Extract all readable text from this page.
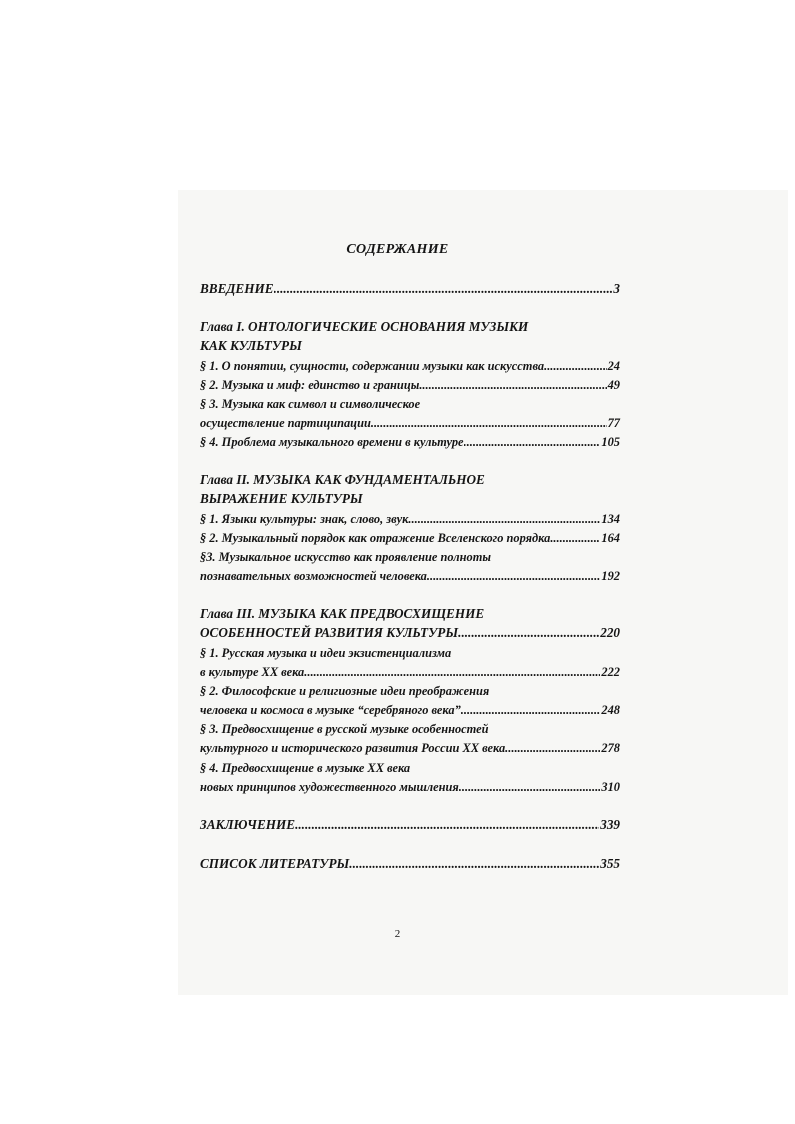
СОДЕРЖАНИЕ
ВВЕДЕНИЕ .....	3
Глава I. ОНТОЛОГИЧЕСКИЕ ОСНОВАНИЯ МУЗЫКИ
КАК КУЛЬТУРЫ
§ 1. О понятии, сущности, содержании музыки как искусства .....	24
§ 2. Музыка и миф: единство и границы .....	49
§ 3. Музыка как символ и символическое
осуществление партиципации .....	77
§ 4. Проблема музыкального времени в культуре .....	105
Глава II. МУЗЫКА КАК ФУНДАМЕНТАЛЬНОЕ
ВЫРАЖЕНИЕ КУЛЬТУРЫ
§ 1. Языки культуры: знак, слово, звук .....	134
§ 2. Музыкальный порядок как отражение Вселенского порядка .....	164
§3. Музыкальное искусство как проявление полноты
познавательных возможностей человека .....	192
Глава III. МУЗЫКА КАК ПРЕДВОСХИЩЕНИЕ
ОСОБЕННОСТЕЙ РАЗВИТИЯ КУЛЬТУРЫ .....	220
§ 1. Русская музыка и идеи экзистенциализма
в культуре XX века .....	222
§ 2. Философские и религиозные идеи преображения
человека и космоса в музыке “серебряного века” .....	248
§ 3. Предвосхищение в русской музыке особенностей
культурного и исторического развития России XX века .....	278
§ 4. Предвосхищение в музыке XX века
новых принципов художественного мышления .....	310
ЗАКЛЮЧЕНИЕ .....	339
СПИСОК ЛИТЕРАТУРЫ .....	355
2
